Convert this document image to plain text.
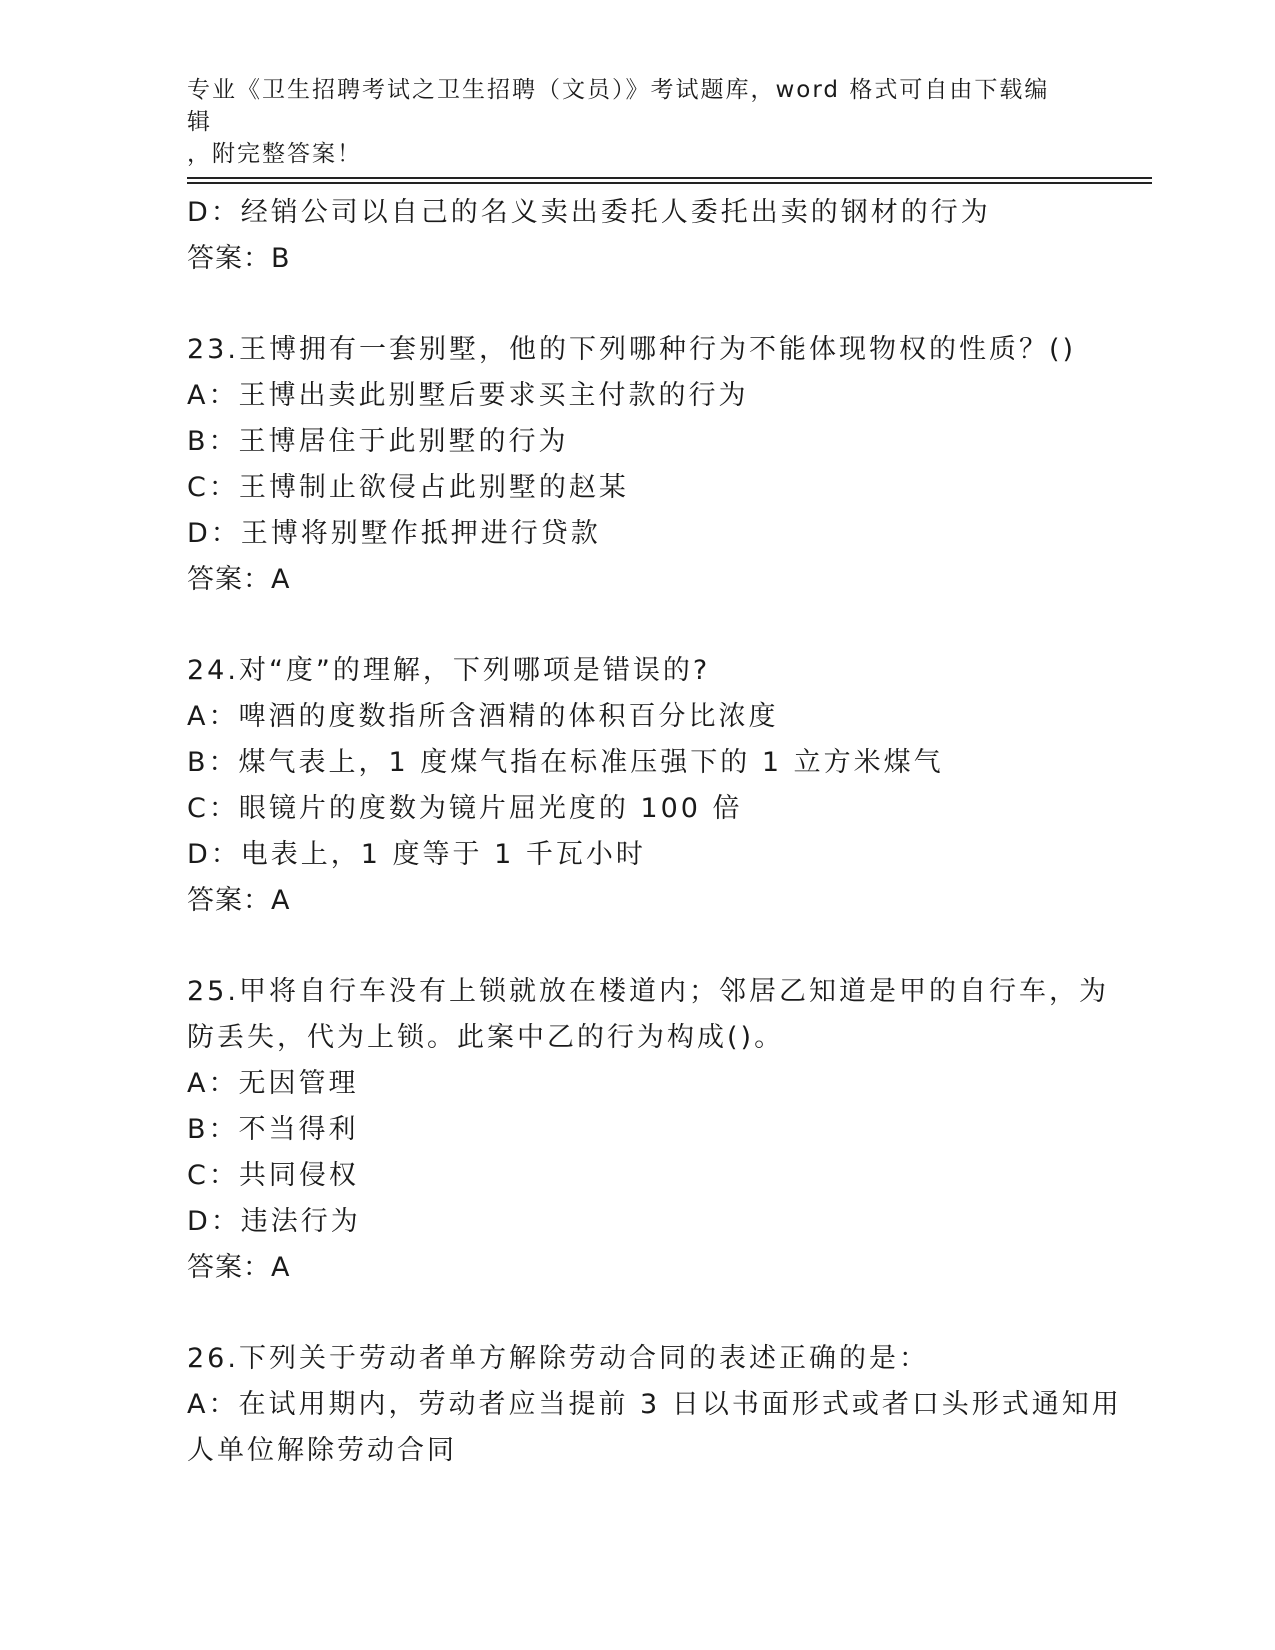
专业《卫生招聘考试之卫生招聘（文员）》考试题库，word 格式可自由下载编辑
，附完整答案！
D：经销公司以自己的名义卖出委托人委托出卖的钢材的行为
答案：B
23.王博拥有一套别墅，他的下列哪种行为不能体现物权的性质？()
A：王博出卖此别墅后要求买主付款的行为
B：王博居住于此别墅的行为
C：王博制止欲侵占此别墅的赵某
D：王博将别墅作抵押进行贷款
答案：A
24.对“度”的理解，下列哪项是错误的?
A：啤酒的度数指所含酒精的体积百分比浓度
B：煤气表上，1 度煤气指在标准压强下的 1 立方米煤气
C：眼镜片的度数为镜片屈光度的 100 倍
D：电表上，1 度等于 1 千瓦小时
答案：A
25.甲将自行车没有上锁就放在楼道内；邻居乙知道是甲的自行车，为
防丢失，代为上锁。此案中乙的行为构成()。
A：无因管理
B：不当得利
C：共同侵权
D：违法行为
答案：A
26.下列关于劳动者单方解除劳动合同的表述正确的是：
A：在试用期内，劳动者应当提前 3 日以书面形式或者口头形式通知用
人单位解除劳动合同
